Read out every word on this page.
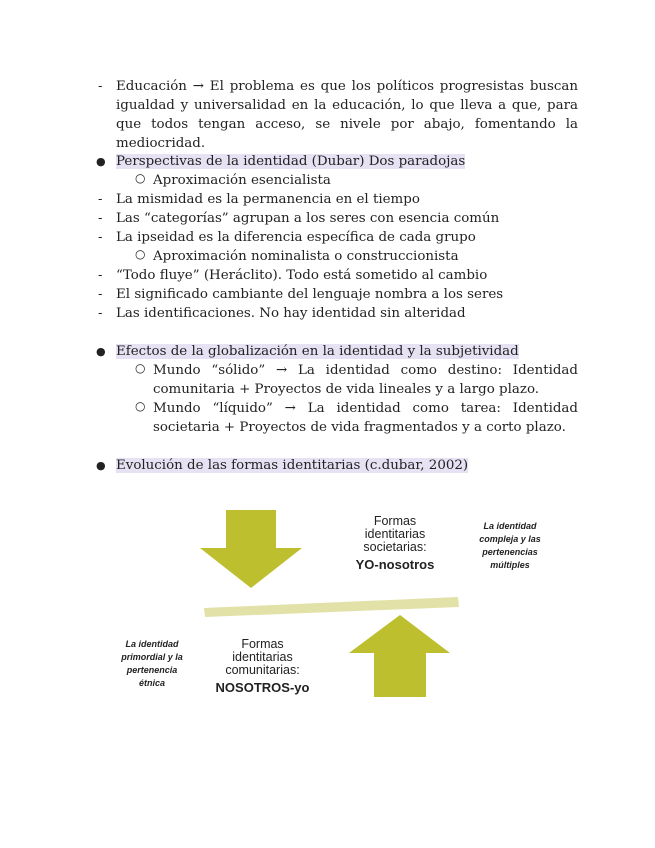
- Educación → El problema es que los políticos progresistas buscan igualdad y universalidad en la educación, lo que lleva a que, para que todos tengan acceso, se nivele por abajo, fomentando la mediocridad.
● Perspectivas de la identidad (Dubar) Dos paradojas
○ Aproximación esencialista
- La mismidad es la permanencia en el tiempo
- Las “categorías” agrupan a los seres con esencia común
- La ipseidad es la diferencia específica de cada grupo
○ Aproximación nominalista o construccionista
- “Todo fluye” (Heráclito). Todo está sometido al cambio
- El significado cambiante del lenguaje nombra a los seres
- Las identificaciones. No hay identidad sin alteridad
● Efectos de la globalización en la identidad y la subjetividad
○ Mundo “sólido” → La identidad como destino: Identidad comunitaria + Proyectos de vida lineales y a largo plazo.
○ Mundo “líquido” → La identidad como tarea: Identidad societaria + Proyectos de vida fragmentados y a corto plazo.
● Evolución de las formas identitarias (c.dubar, 2002)
Formas
identitarias
societarias:
YO-nosotros
La identidad
compleja y las
pertenencias
múltiples
Formas
identitarias
comunitarias:
NOSOTROS-yo
La identidad
primordial y la
pertenencia
étnica
